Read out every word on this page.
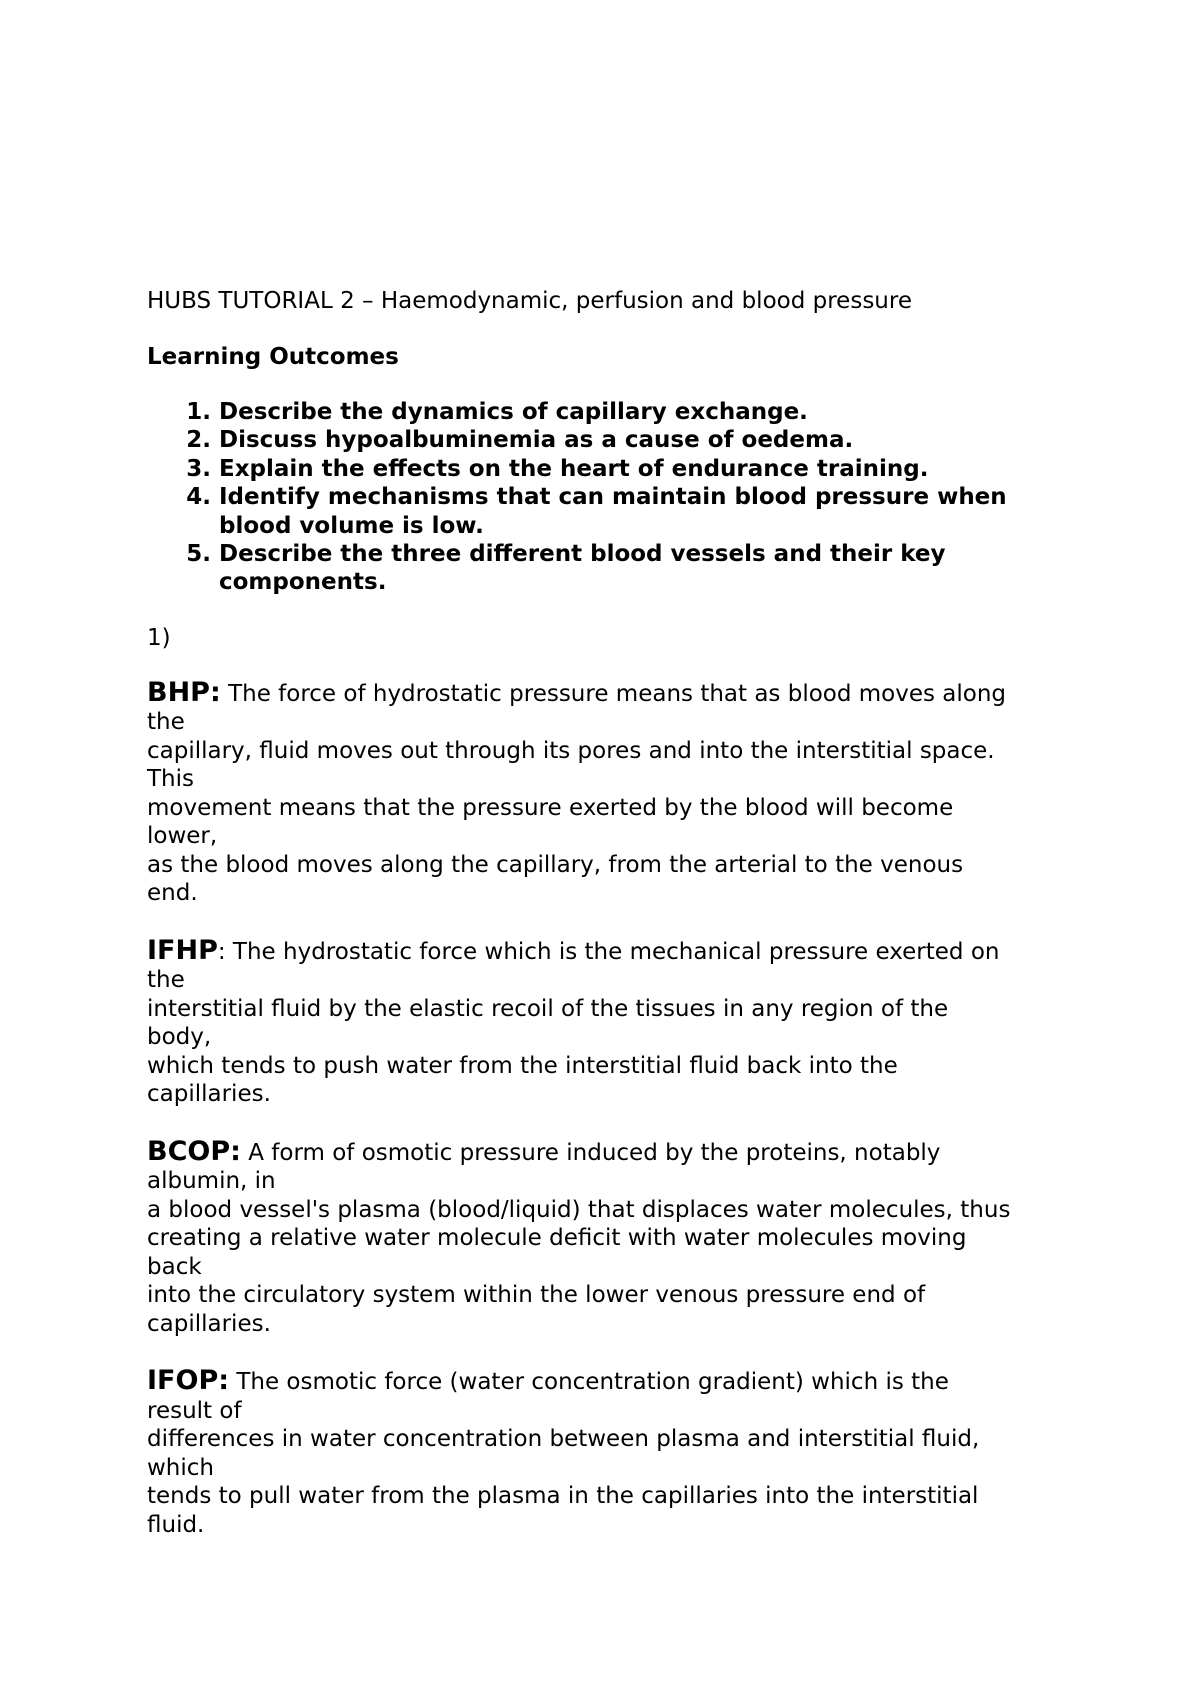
HUBS TUTORIAL 2 – Haemodynamic, perfusion and blood pressure

Learning Outcomes

1. Describe the dynamics of capillary exchange.
2. Discuss hypoalbuminemia as a cause of oedema.
3. Explain the effects on the heart of endurance training.
4. Identify mechanisms that can maintain blood pressure when blood volume is low.
5. Describe the three different blood vessels and their key components.

1)

BHP: The force of hydrostatic pressure means that as blood moves along
the
capillary, fluid moves out through its pores and into the interstitial space.
This
movement means that the pressure exerted by the blood will become
lower,
as the blood moves along the capillary, from the arterial to the venous
end.
IFHP: The hydrostatic force which is the mechanical pressure exerted on
the
interstitial fluid by the elastic recoil of the tissues in any region of the
body,
which tends to push water from the interstitial fluid back into the
capillaries.
BCOP: A form of osmotic pressure induced by the proteins, notably
albumin, in
a blood vessel's plasma (blood/liquid) that displaces water molecules, thus
creating a relative water molecule deficit with water molecules moving
back
into the circulatory system within the lower venous pressure end of
capillaries.
IFOP: The osmotic force (water concentration gradient) which is the
result of
differences in water concentration between plasma and interstitial fluid,
which
tends to pull water from the plasma in the capillaries into the interstitial
fluid.
